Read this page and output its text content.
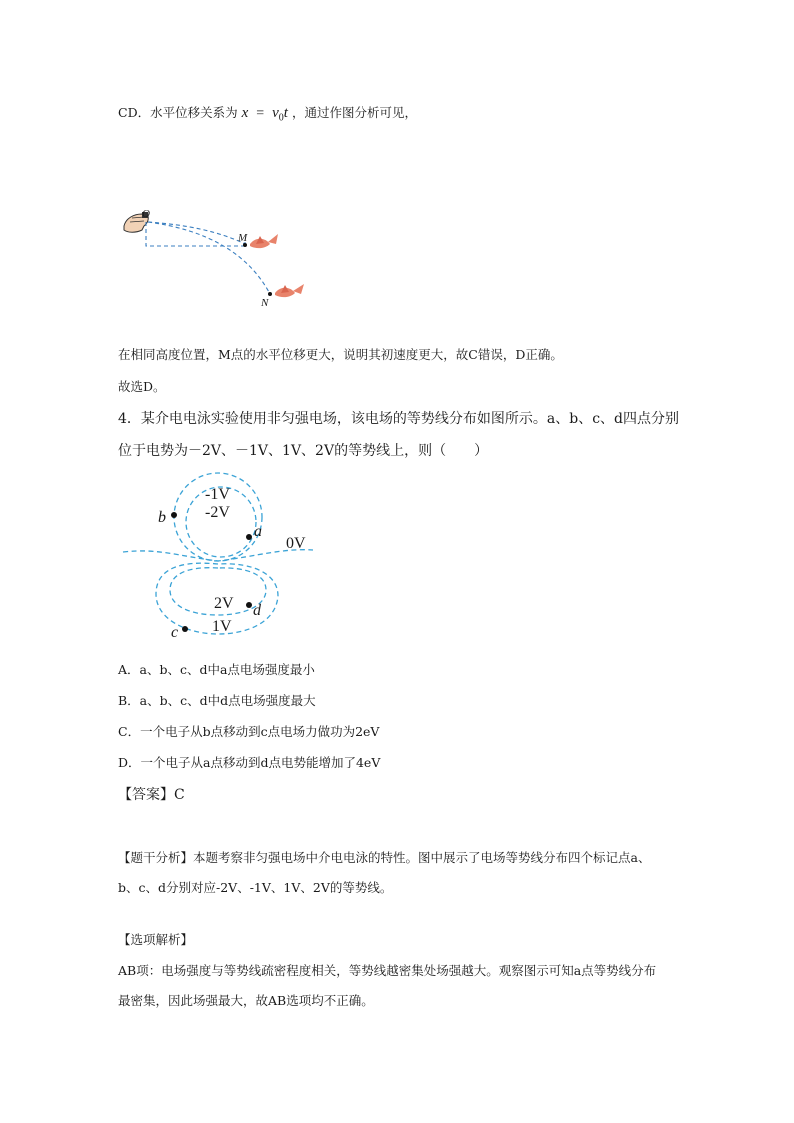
CD．水平位移关系为 $x = v_0t$ ，通过作图分析可见，
O
M
N
在相同高度位置，M点的水平位移更大，说明其初速度更大，故C错误，D正确。
故选D。
4．某介电电泳实验使用非匀强电场，该电场的等势线分布如图所示。a、b、c、d四点分别
位于电势为－2V、－1V、1V、2V的等势线上，则（　　）
-1V
-2V
0V
2V
1V
a
b
c
d
A．a、b、c、d中a点电场强度最小
B．a、b、c、d中d点电场强度最大
C．一个电子从b点移动到c点电场力做功为2eV
D．一个电子从a点移动到d点电势能增加了4eV
【答案】C
【题干分析】本题考察非匀强电场中介电电泳的特性。图中展示了电场等势线分布四个标记点a、
b、c、d分别对应-2V、-1V、1V、2V的等势线。
【选项解析】
AB项：电场强度与等势线疏密程度相关，等势线越密集处场强越大。观察图示可知a点等势线分布
最密集，因此场强最大，故AB选项均不正确。
